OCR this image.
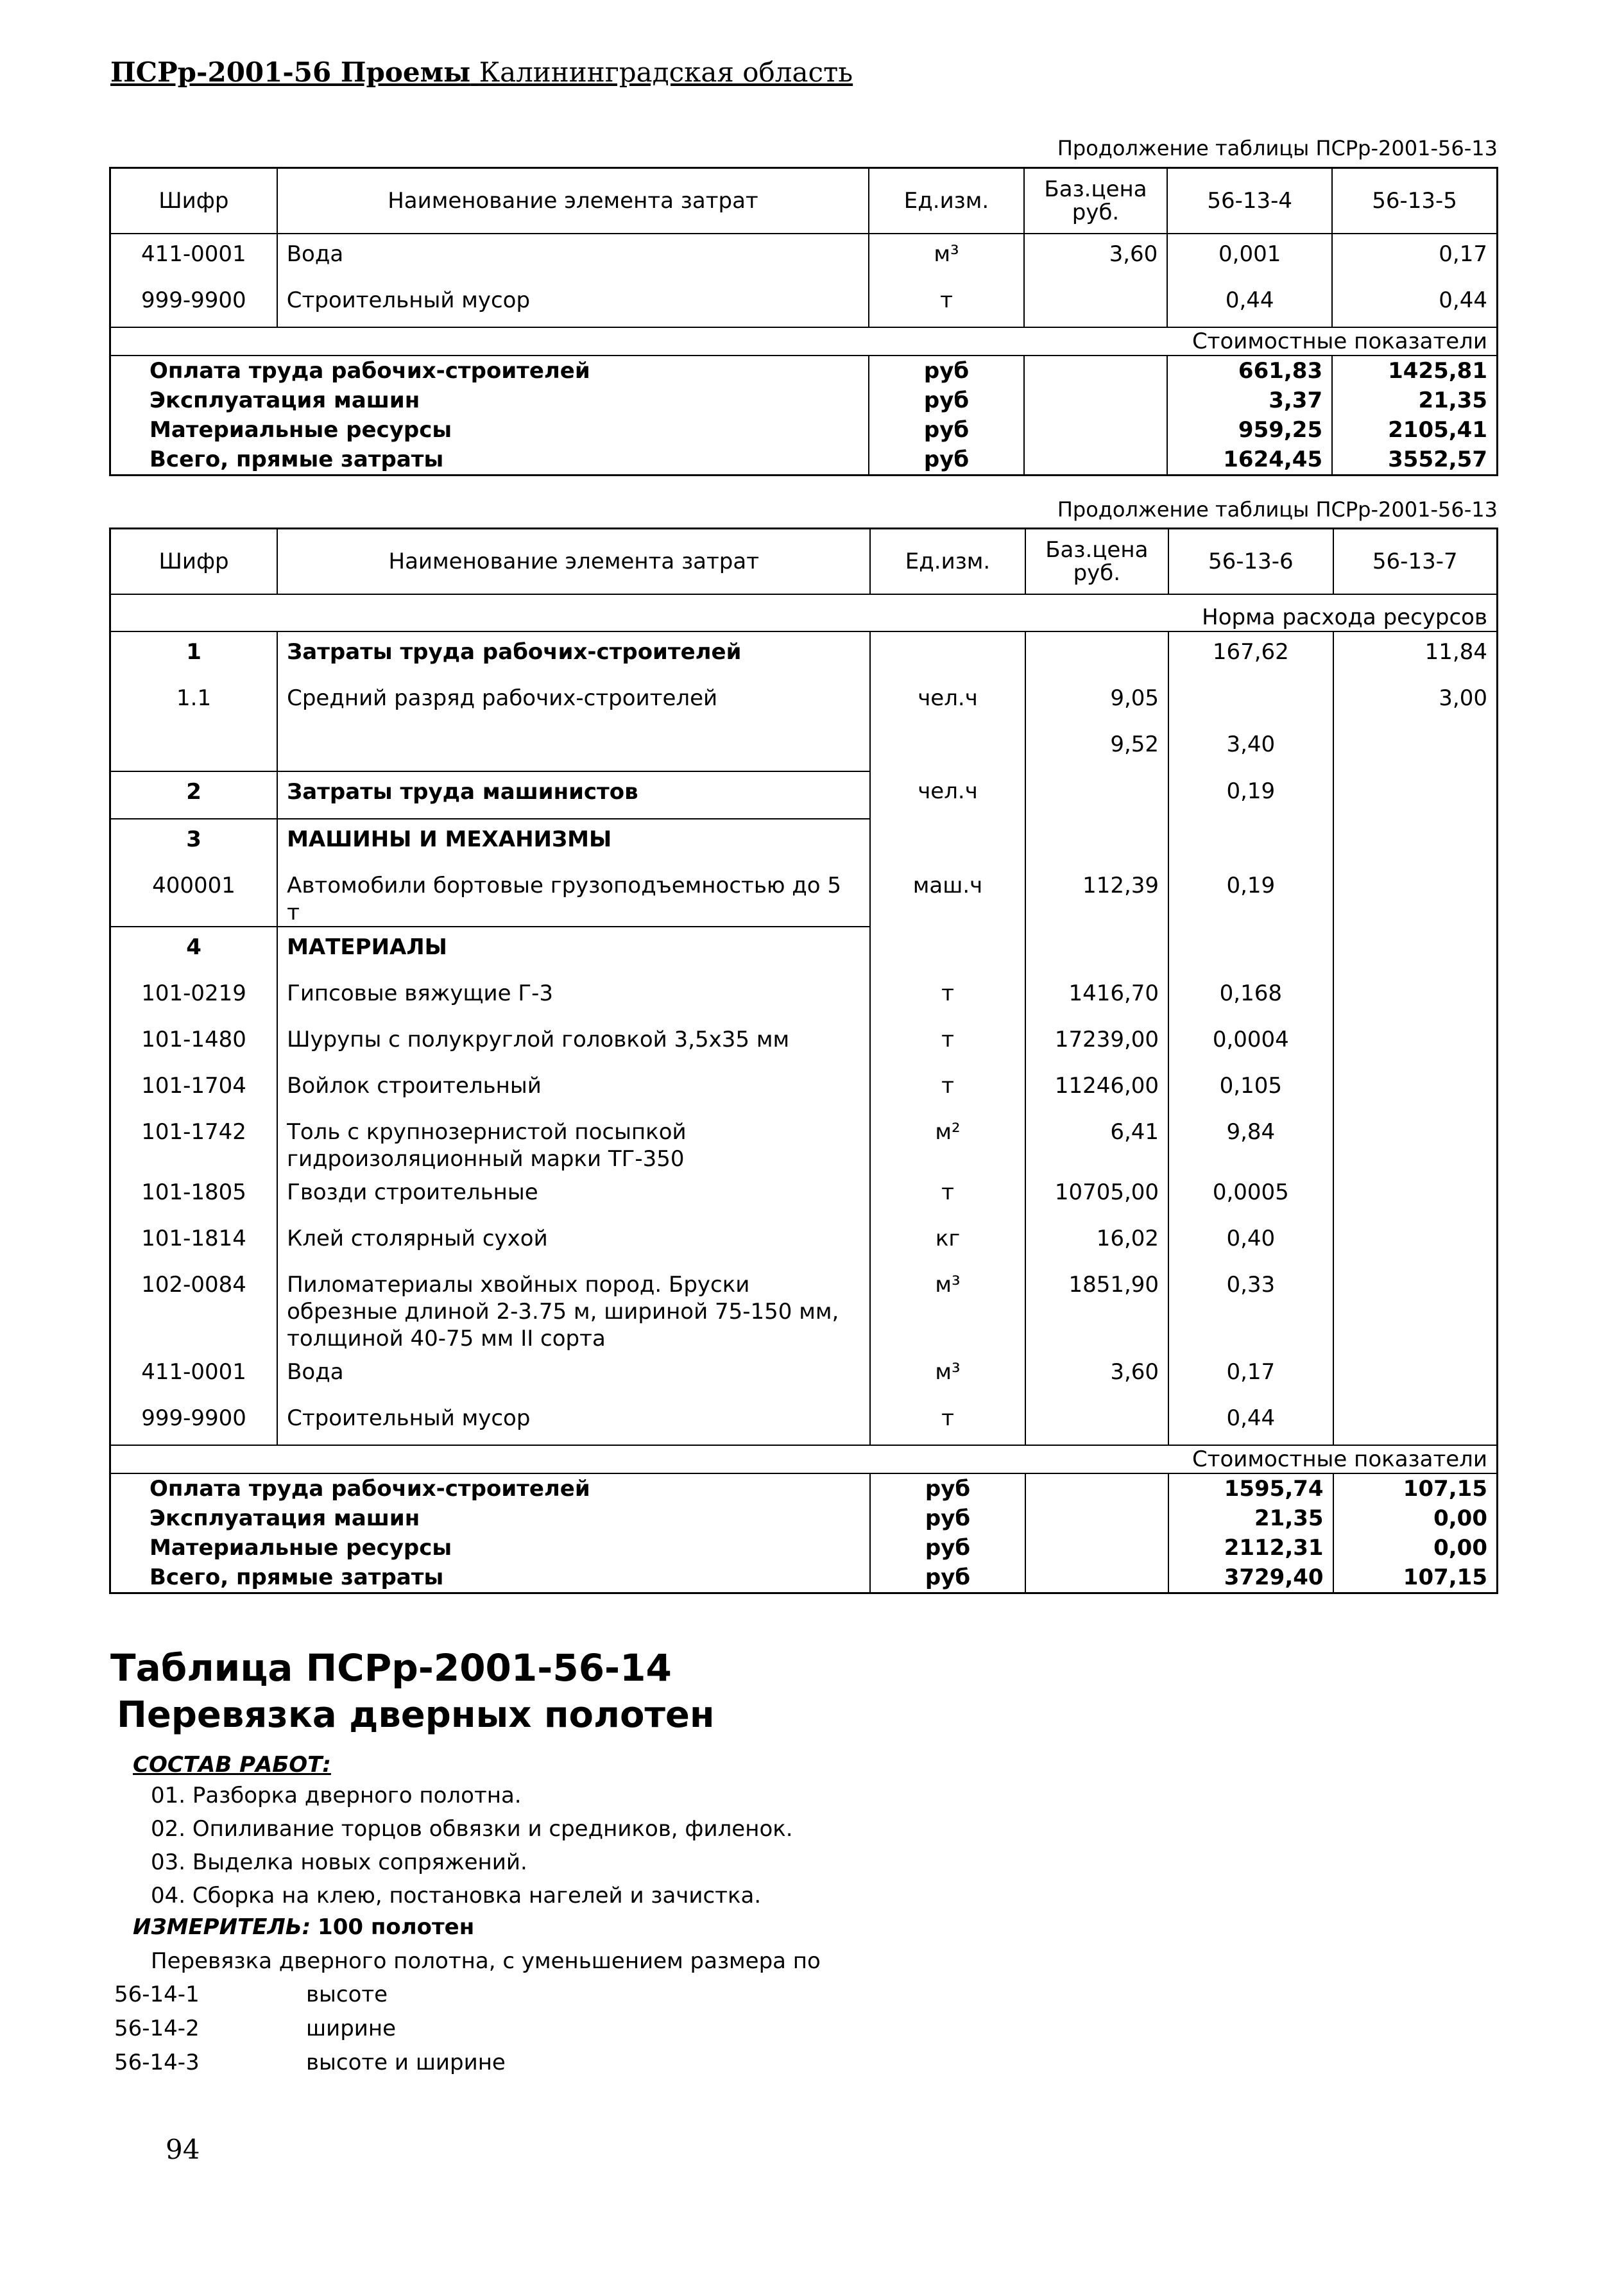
ПСРр-2001-56 Проемы Калининградская область
Продолжение таблицы ПСРр-2001-56-13
Шифр	Наименование элемента затрат	Ед.изм.	Баз.цена руб.	56-13-4	56-13-5
411-0001	Вода	м³	3,60	0,001	0,17
999-9900	Строительный мусор	т		0,44	0,44
Стоимостные показатели					
Оплата труда рабочих-строителей		руб		661,83	1425,81
Эксплуатация машин		руб		3,37	21,35
Материальные ресурсы		руб		959,25	2105,41
Всего, прямые затраты		руб		1624,45	3552,57
Продолжение таблицы ПСРр-2001-56-13
Шифр	Наименование элемента затрат	Ед.изм.	Баз.цена руб.	56-13-6	56-13-7
Норма расхода ресурсов					
1	Затраты труда рабочих-строителей			167,62	11,84
1.1	Средний разряд рабочих-строителей	чел.ч	9,05		3,00
			9,52	3,40	
2	Затраты труда машинистов	чел.ч		0,19	
3	МАШИНЫ И МЕХАНИЗМЫ				
400001	Автомобили бортовые грузоподъемностью до 5 т	маш.ч	112,39	0,19	
4	МАТЕРИАЛЫ				
101-0219	Гипсовые вяжущие Г-3	т	1416,70	0,168	
101-1480	Шурупы с полукруглой головкой 3,5х35 мм	т	17239,00	0,0004	
101-1704	Войлок строительный	т	11246,00	0,105	
101-1742	Толь с крупнозернистой посыпкой гидроизоляционный марки ТГ-350	м²	6,41	9,84	
101-1805	Гвозди строительные	т	10705,00	0,0005	
101-1814	Клей столярный сухой	кг	16,02	0,40	
102-0084	Пиломатериалы хвойных пород. Бруски обрезные длиной 2-3.75 м, шириной 75-150 мм, толщиной 40-75 мм II сорта	м³	1851,90	0,33	
411-0001	Вода	м³	3,60	0,17	
999-9900	Строительный мусор	т		0,44	
Стоимостные показатели					
Оплата труда рабочих-строителей		руб		1595,74	107,15
Эксплуатация машин		руб		21,35	0,00
Материальные ресурсы		руб		2112,31	0,00
Всего, прямые затраты		руб		3729,40	107,15
Таблица ПСРр-2001-56-14
Перевязка дверных полотен
СОСТАВ РАБОТ:
01. Разборка дверного полотна.
02. Опиливание торцов обвязки и средников, филенок.
03. Выделка новых сопряжений.
04. Сборка на клею, постановка нагелей и зачистка.
ИЗМЕРИТЕЛЬ: 100 полотен
Перевязка дверного полотна, с уменьшением размера по
56-14-1	высоте
56-14-2	ширине
56-14-3	высоте и ширине
94
